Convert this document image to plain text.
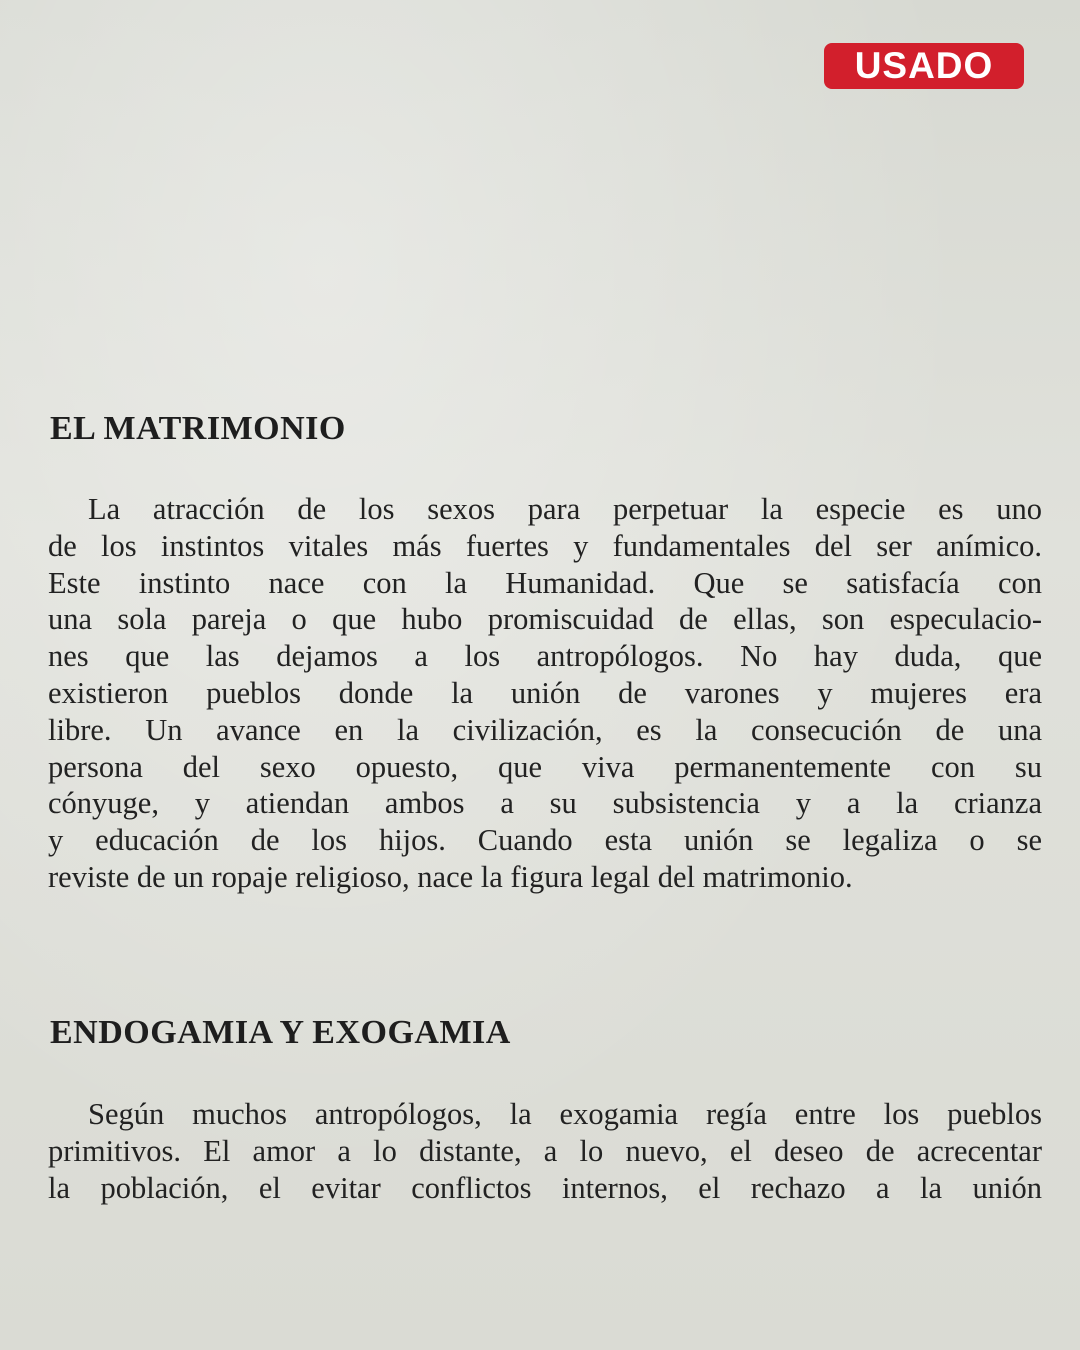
USADO
EL MATRIMONIO
La atracción de los sexos para perpetuar la especie es uno
de los instintos vitales más fuertes y fundamentales del ser anímico.
Este instinto nace con la Humanidad. Que se satisfacía con
una sola pareja o que hubo promiscuidad de ellas, son especulacio-
nes que las dejamos a los antropólogos. No hay duda, que
existieron pueblos donde la unión de varones y mujeres era
libre. Un avance en la civilización, es la consecución de una
persona del sexo opuesto, que viva permanentemente con su
cónyuge, y atiendan ambos a su subsistencia y a la crianza
y educación de los hijos. Cuando esta unión se legaliza o se
reviste de un ropaje religioso, nace la figura legal del matrimonio.
ENDOGAMIA Y EXOGAMIA
Según muchos antropólogos, la exogamia regía entre los pueblos
primitivos. El amor a lo distante, a lo nuevo, el deseo de acrecentar
la población, el evitar conflictos internos, el rechazo a la unión
